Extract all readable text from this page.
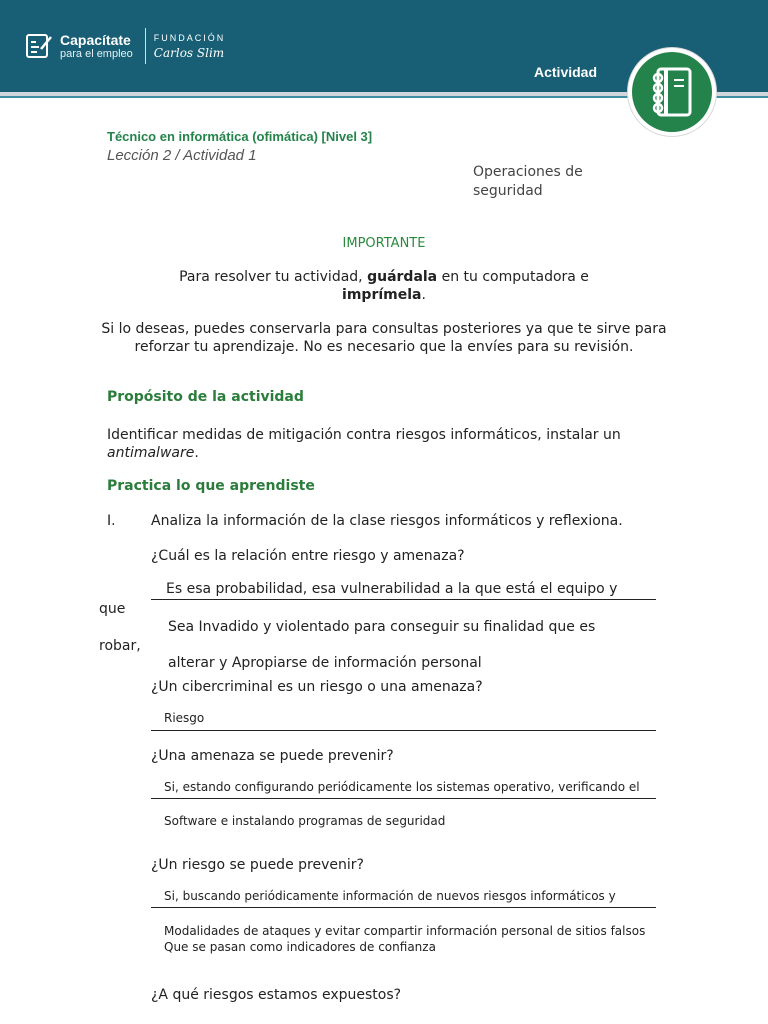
Capacítate
para el empleo
FUNDACIÓN
Carlos Slim
Actividad
Técnico en informática (ofimática) [Nivel 3]
Lección 2 / Actividad 1
Operaciones de seguridad
IMPORTANTE
Para resolver tu actividad, guárdala en tu computadora e
imprímela.
Si lo deseas, puedes conservarla para consultas posteriores ya que te sirve para reforzar tu aprendizaje. No es necesario que la envíes para su revisión.
Propósito de la actividad
Identificar medidas de mitigación contra riesgos informáticos, instalar un antimalware.
Practica lo que aprendiste
I.	Analiza la información de la clase riesgos informáticos y reflexiona.
¿Cuál es la relación entre riesgo y amenaza?
Es esa probabilidad, esa vulnerabilidad a la que está el equipo y
que
Sea Invadido y violentado para conseguir su finalidad que es
robar,
alterar y Apropiarse de información personal
¿Un cibercriminal es un riesgo o una amenaza?
Riesgo
¿Una amenaza se puede prevenir?
Si, estando configurando periódicamente los sistemas operativo, verificando el
Software e instalando programas de seguridad
¿Un riesgo se puede prevenir?
Si, buscando periódicamente información de nuevos riesgos informáticos y
Modalidades de ataques y evitar compartir información personal de sitios falsos
Que se pasan como indicadores de confianza
¿A qué riesgos estamos expuestos?
